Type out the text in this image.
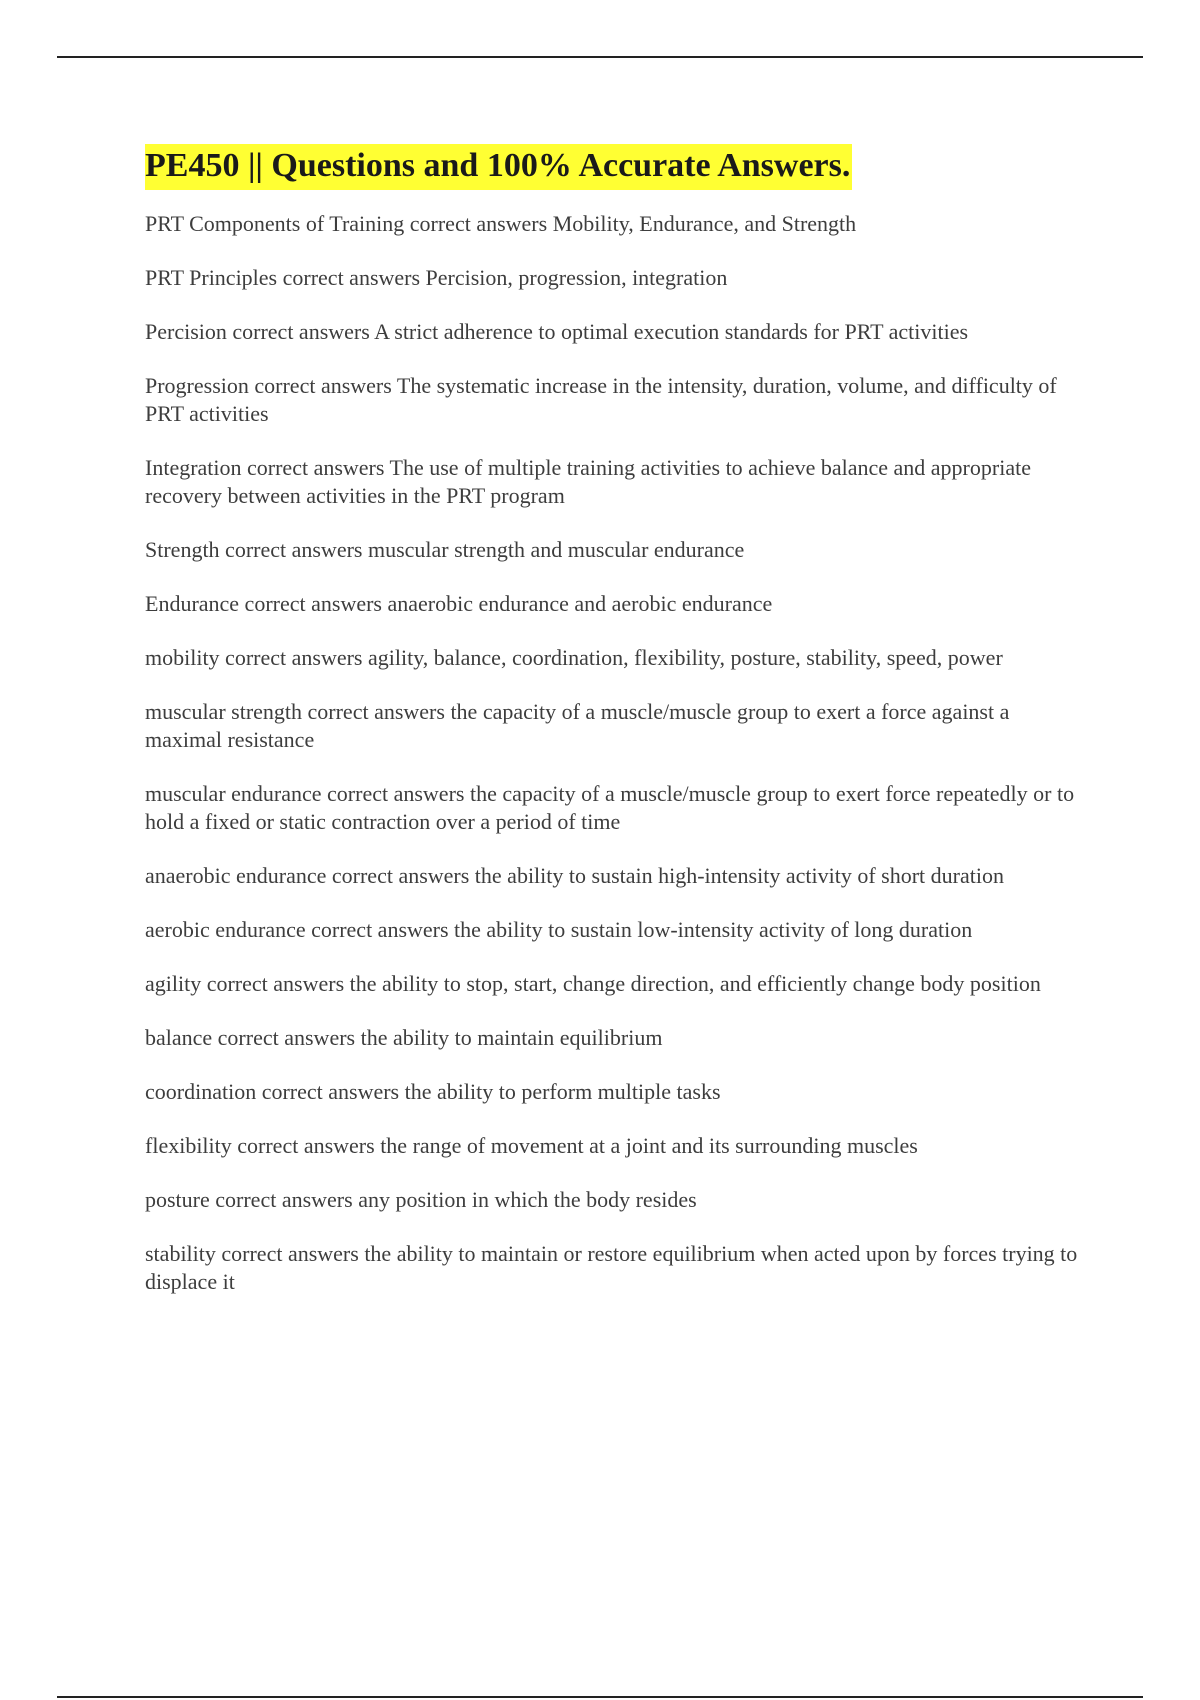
PE450 || Questions and 100% Accurate Answers.
PRT Components of Training correct answers Mobility, Endurance, and Strength
PRT Principles correct answers Percision, progression, integration
Percision correct answers A strict adherence to optimal execution standards for PRT activities
Progression correct answers The systematic increase in the intensity, duration, volume, and difficulty of PRT activities
Integration correct answers The use of multiple training activities to achieve balance and appropriate recovery between activities in the PRT program
Strength correct answers muscular strength and muscular endurance
Endurance correct answers anaerobic endurance and aerobic endurance
mobility correct answers agility, balance, coordination, flexibility, posture, stability, speed, power
muscular strength correct answers the capacity of a muscle/muscle group to exert a force against a maximal resistance
muscular endurance correct answers the capacity of a muscle/muscle group to exert force repeatedly or to hold a fixed or static contraction over a period of time
anaerobic endurance correct answers the ability to sustain high-intensity activity of short duration
aerobic endurance correct answers the ability to sustain low-intensity activity of long duration
agility correct answers the ability to stop, start, change direction, and efficiently change body position
balance correct answers the ability to maintain equilibrium
coordination correct answers the ability to perform multiple tasks
flexibility correct answers the range of movement at a joint and its surrounding muscles
posture correct answers any position in which the body resides
stability correct answers the ability to maintain or restore equilibrium when acted upon by forces trying to displace it
